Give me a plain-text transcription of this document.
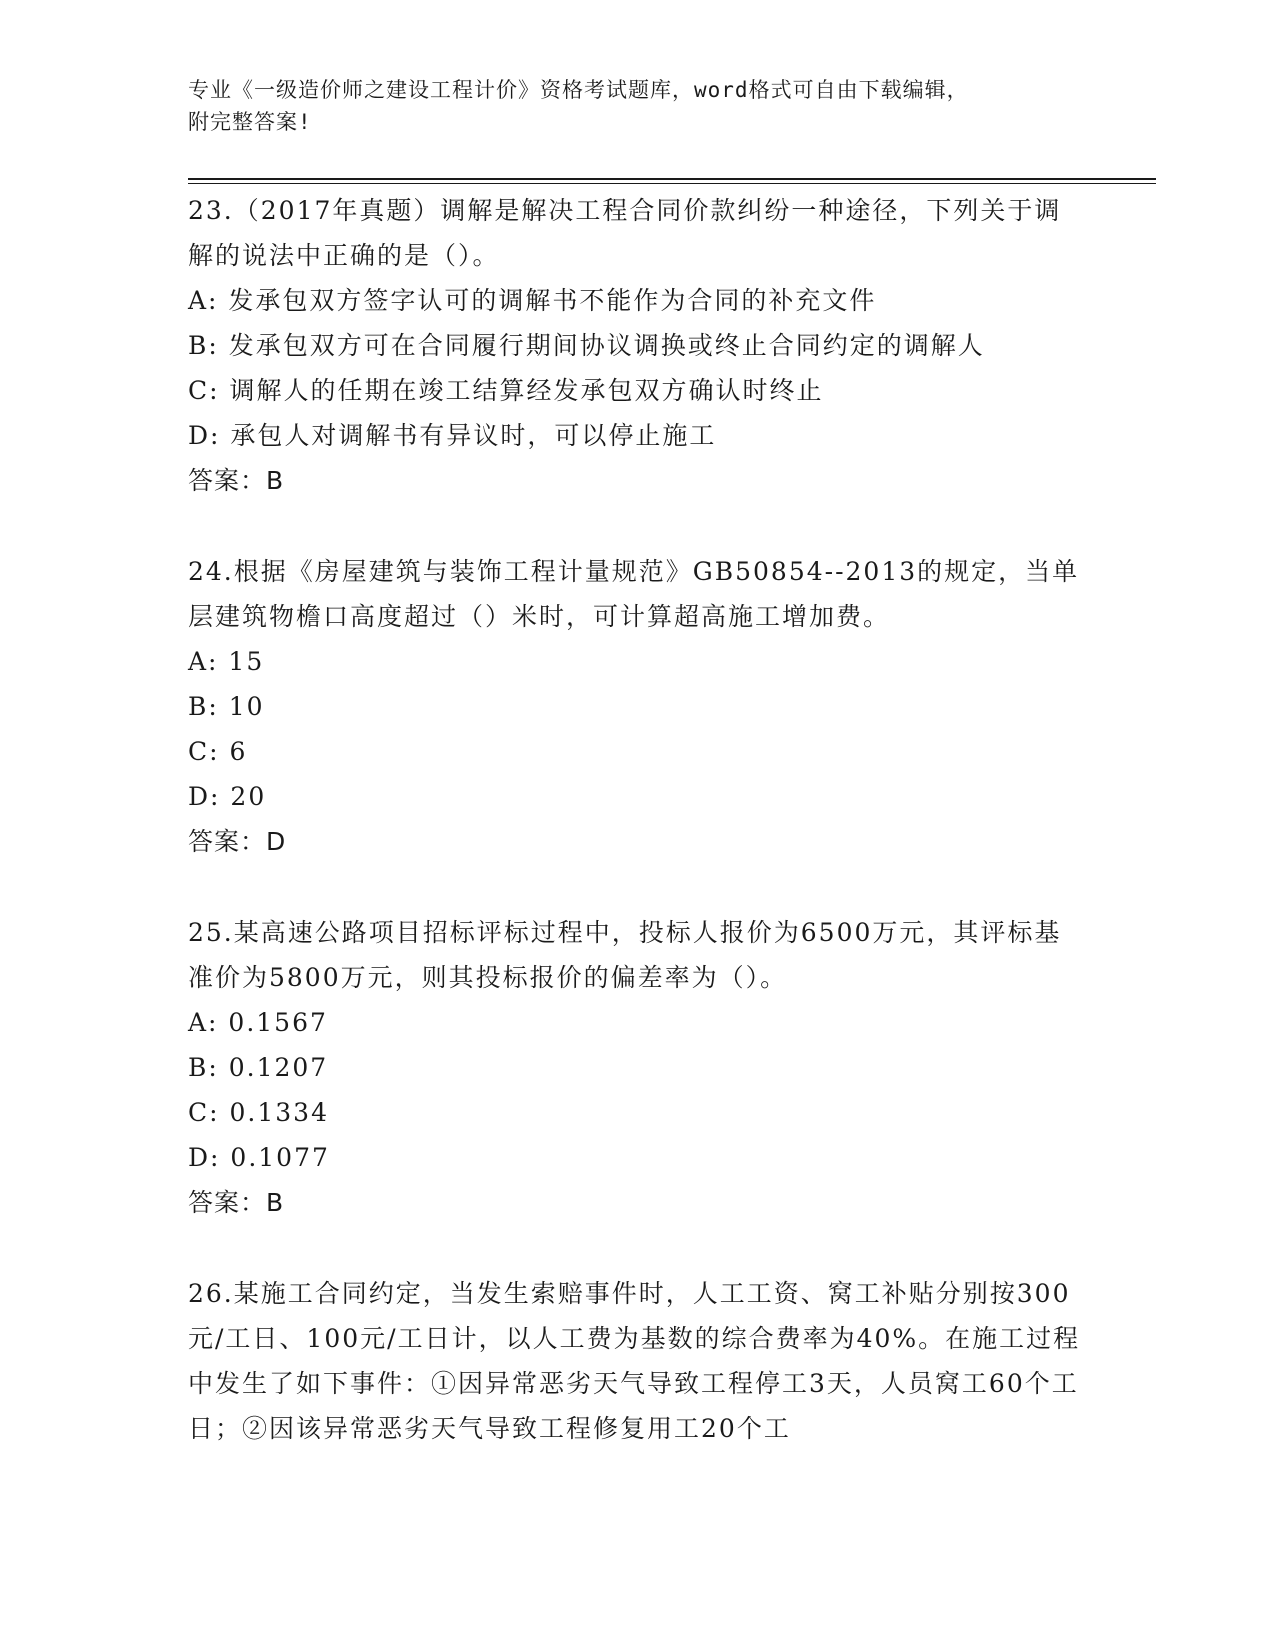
专业《一级造价师之建设工程计价》资格考试题库，word格式可自由下载编辑，
附完整答案!

23.（2017年真题）调解是解决工程合同价款纠纷一种途径，下列关于调解的说法中正确的是（）。

A: 发承包双方签字认可的调解书不能作为合同的补充文件

B: 发承包双方可在合同履行期间协议调换或终止合同约定的调解人

C: 调解人的任期在竣工结算经发承包双方确认时终止

D: 承包人对调解书有异议时，可以停止施工

答案：B

24.根据《房屋建筑与装饰工程计量规范》GB50854--2013的规定，当单层建筑物檐口高度超过（）米时，可计算超高施工增加费。

A: 15

B: 10

C: 6

D: 20

答案：D

25.某高速公路项目招标评标过程中，投标人报价为6500万元，其评标基准价为5800万元，则其投标报价的偏差率为（）。

A: 0.1567

B: 0.1207

C: 0.1334

D: 0.1077

答案：B

26.某施工合同约定，当发生索赔事件时，人工工资、窝工补贴分别按300元/工日、100元/工日计，以人工费为基数的综合费率为40%。在施工过程中发生了如下事件：①因异常恶劣天气导致工程停工3天，人员窝工60个工日；②因该异常恶劣天气导致工程修复用工20个工
